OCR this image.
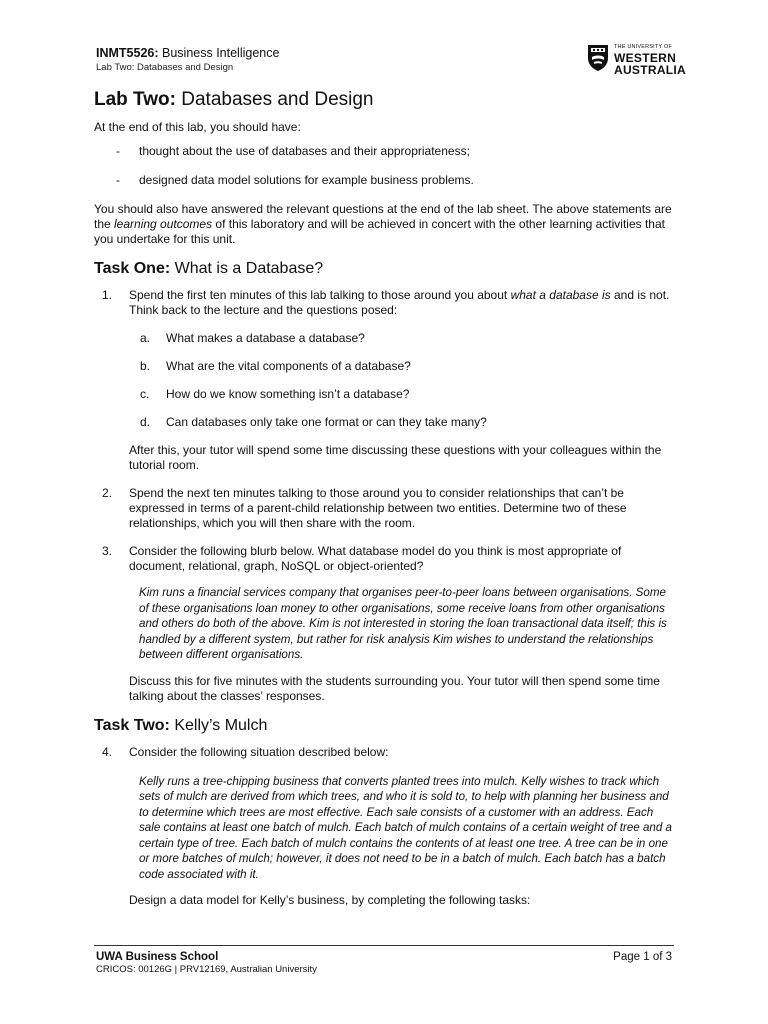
INMT5526: Business Intelligence
Lab Two: Databases and Design
THE UNIVERSITY OF
WESTERN
AUSTRALIA
Lab Two: Databases and Design

At the end of this lab, you should have:

- thought about the use of databases and their appropriateness;
- designed data model solutions for example business problems.

You should also have answered the relevant questions at the end of the lab sheet. The above statements are the learning outcomes of this laboratory and will be achieved in concert with the other learning activities that you undertake for this unit.

Task One: What is a Database?
1. Spend the first ten minutes of this lab talking to those around you about what a database is and is not. Think back to the lecture and the questions posed:
a. What makes a database a database?
b. What are the vital components of a database?
c. How do we know something isn’t a database?
d. Can databases only take one format or can they take many?

After this, your tutor will spend some time discussing these questions with your colleagues within the tutorial room.

2. Spend the next ten minutes talking to those around you to consider relationships that can’t be expressed in terms of a parent-child relationship between two entities. Determine two of these relationships, which you will then share with the room.
3. Consider the following blurb below. What database model do you think is most appropriate of document, relational, graph, NoSQL or object-oriented?

Kim runs a financial services company that organises peer-to-peer loans between organisations. Some of these organisations loan money to other organisations, some receive loans from other organisations and others do both of the above. Kim is not interested in storing the loan transactional data itself; this is handled by a different system, but rather for risk analysis Kim wishes to understand the relationships between different organisations.

Discuss this for five minutes with the students surrounding you. Your tutor will then spend some time talking about the classes’ responses.

Task Two: Kelly’s Mulch
4. Consider the following situation described below:

Kelly runs a tree-chipping business that converts planted trees into mulch. Kelly wishes to track which sets of mulch are derived from which trees, and who it is sold to, to help with planning her business and to determine which trees are most effective. Each sale consists of a customer with an address. Each sale contains at least one batch of mulch. Each batch of mulch contains of a certain weight of tree and a certain type of tree. Each batch of mulch contains the contents of at least one tree. A tree can be in one or more batches of mulch; however, it does not need to be in a batch of mulch. Each batch has a batch code associated with it.

Design a data model for Kelly’s business, by completing the following tasks:

UWA Business School
CRICOS: 00126G | PRV12169, Australian University
Page 1 of 3
